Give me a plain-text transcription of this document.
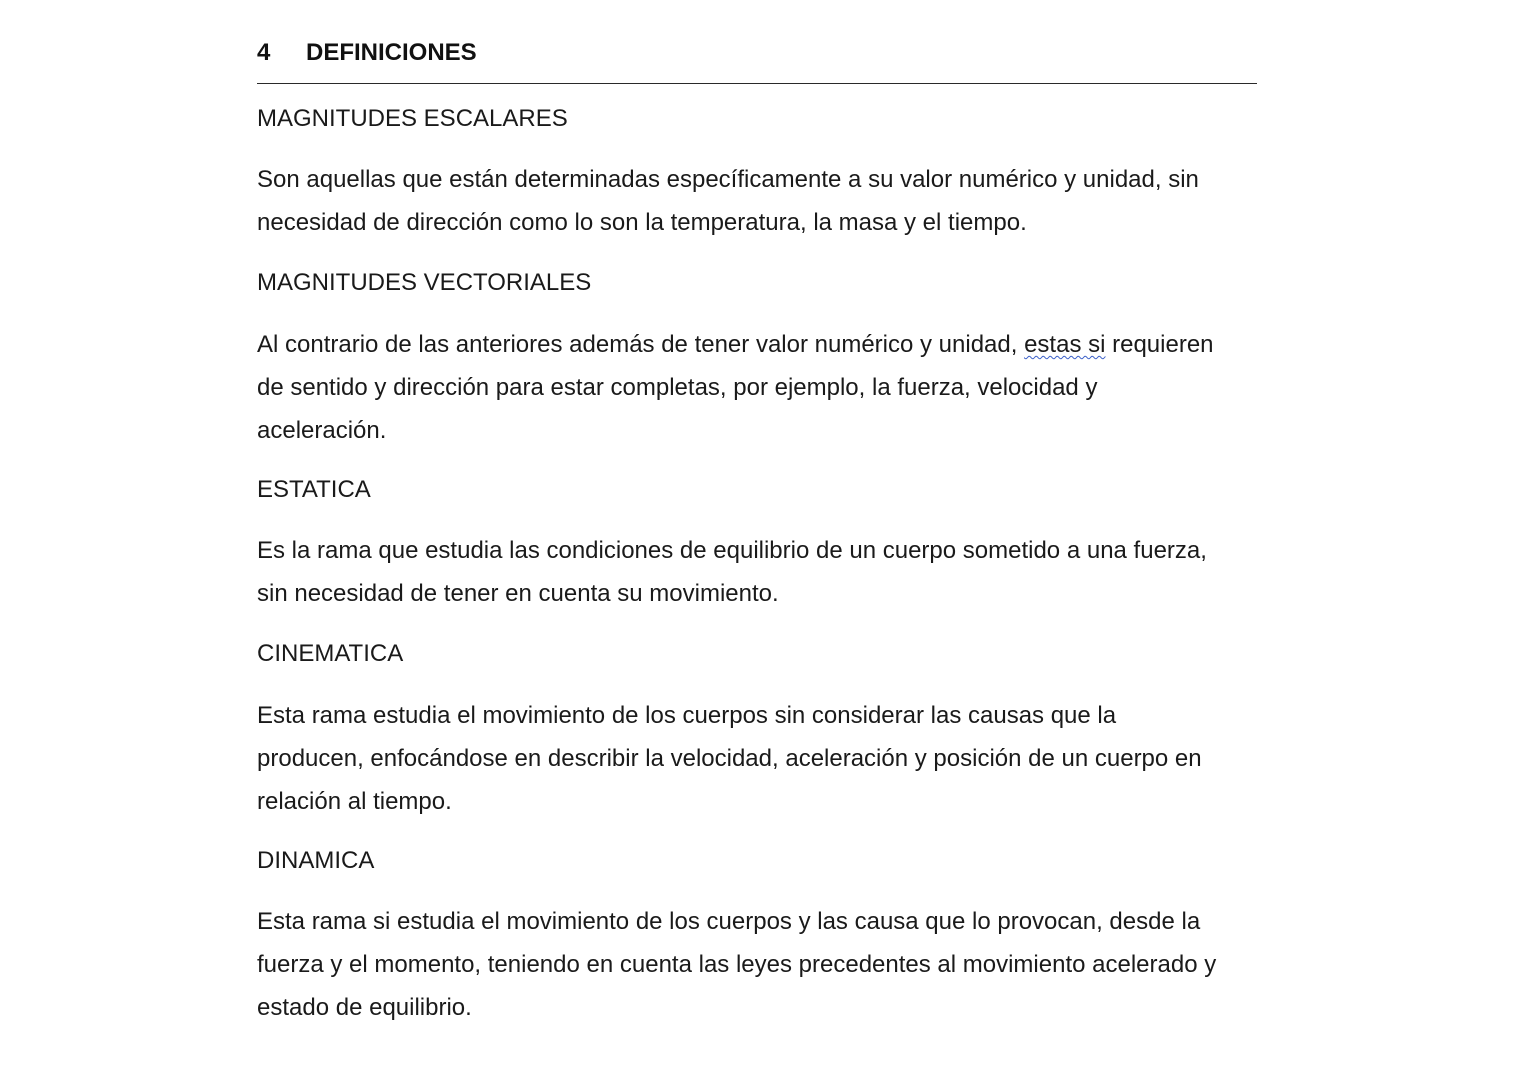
4	DEFINICIONES
MAGNITUDES ESCALARES
Son aquellas que están determinadas específicamente a su valor numérico y unidad, sin
necesidad de dirección como lo son la temperatura, la masa y el tiempo.
MAGNITUDES VECTORIALES
Al contrario de las anteriores además de tener valor numérico y unidad, estas si requieren
de sentido y dirección para estar completas, por ejemplo, la fuerza, velocidad y
aceleración.
ESTATICA
Es la rama que estudia las condiciones de equilibrio de un cuerpo sometido a una fuerza,
sin necesidad de tener en cuenta su movimiento.
CINEMATICA
Esta rama estudia el movimiento de los cuerpos sin considerar las causas que la
producen, enfocándose en describir la velocidad, aceleración y posición de un cuerpo en
relación al tiempo.
DINAMICA
Esta rama si estudia el movimiento de los cuerpos y las causa que lo provocan, desde la
fuerza y el momento, teniendo en cuenta las leyes precedentes al movimiento acelerado y
estado de equilibrio.
